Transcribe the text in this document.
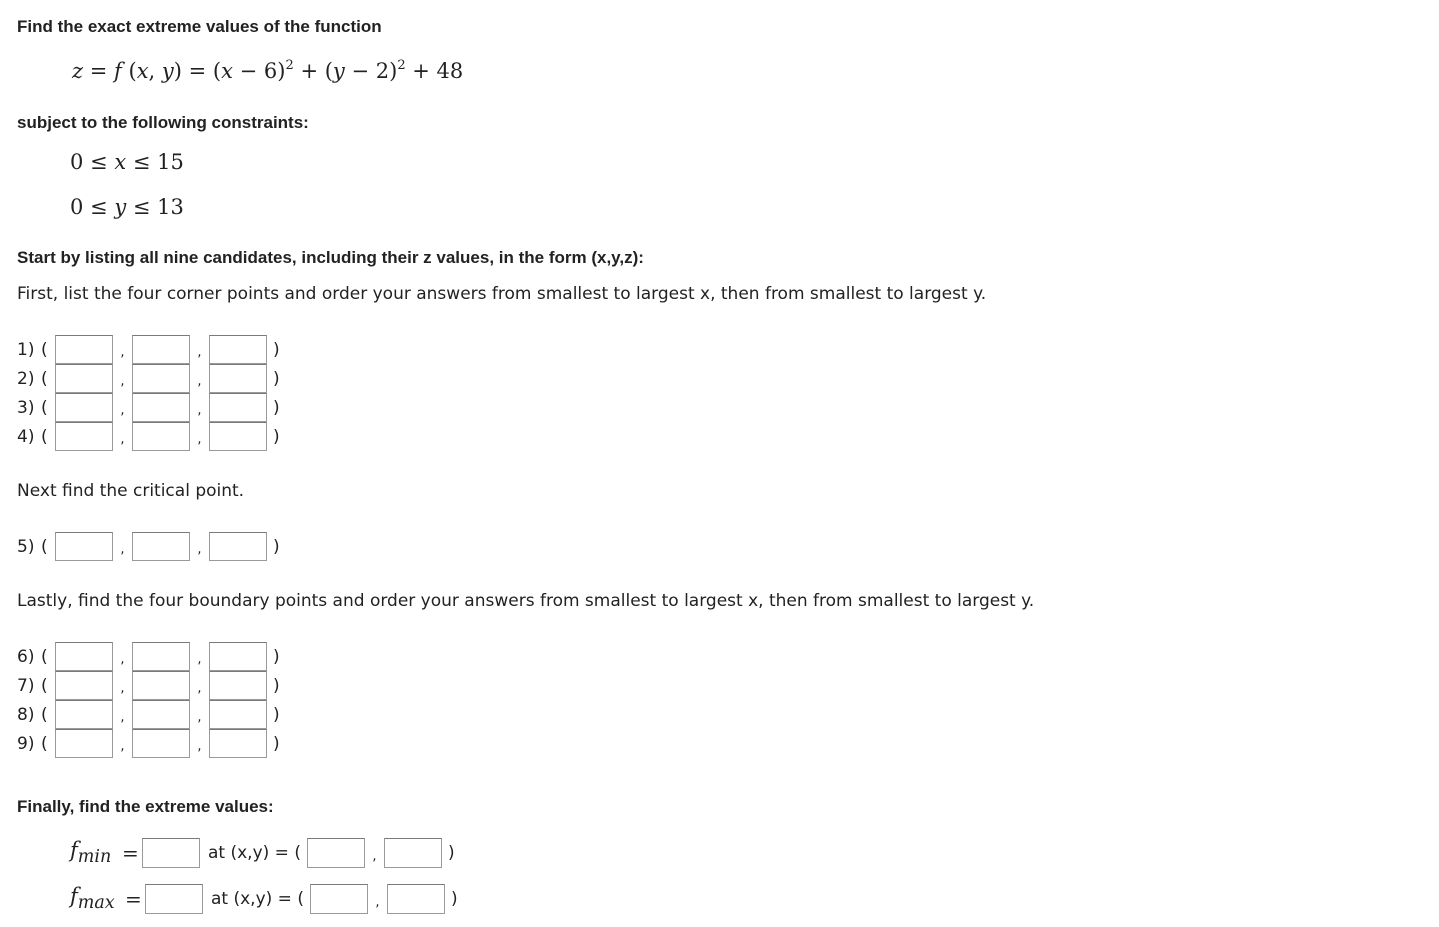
Find the exact extreme values of the function
z = f (x, $y) = (x - 6)^2 + (y - 2)^2 + 48$
subject to the following constraints:
0 ≤ x ≤ 15
0 ≤ y ≤ 13
Start by listing all nine candidates, including their z values, in the form (x,y,z):
First, list the four corner points and order your answers from smallest to largest x, then from smallest to largest y.
1) (	,	,	)
2) (	,	,	)
3) (	,	,	)
4) (	,	,	)
Next find the critical point.
5) (	,	,	)
Lastly, find the four boundary points and order your answers from smallest to largest x, then from smallest to largest y.
6) (	,	,	)
7) (	,	,	)
8) (	,	,	)
9) (	,	,	)
Finally, find the extreme values:
$f_{min}$ =	at (x,y) = (	,	)
$f_{max}$ =	at (x,y) = (	,	)
